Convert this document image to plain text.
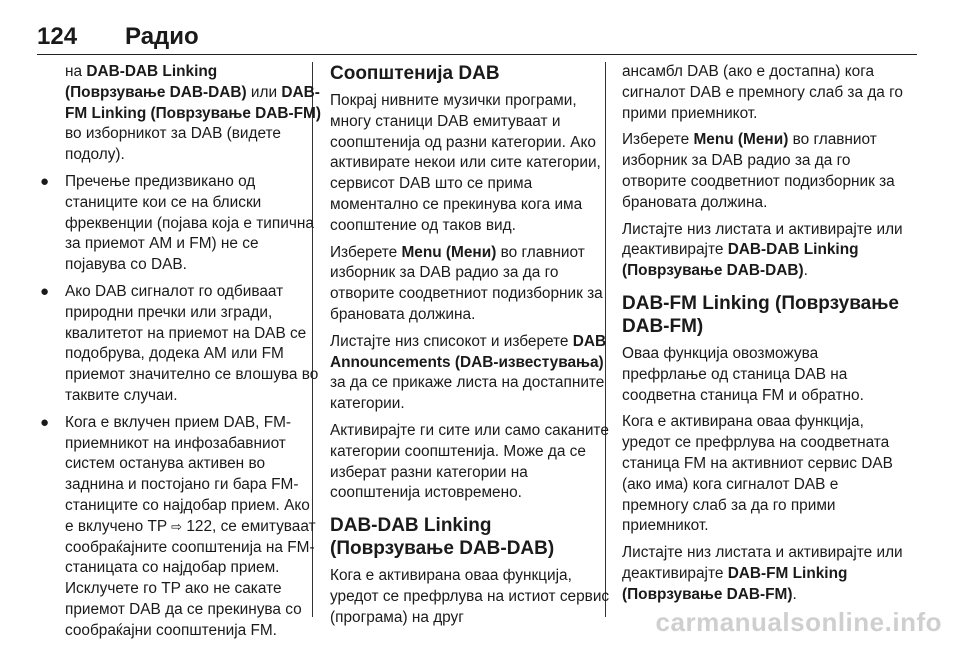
124 Радио

на DAB-DAB Linking (Поврзување DAB-DAB) или DAB-FM Linking (Поврзување DAB-FM) во изборникот за DAB (видете подолу).

● Пречење предизвикано од станиците кои се на блиски фреквенции (појава која е типична за приемот AM и FM) не се појавува со DAB.
● Ако DAB сигналот го одбиваат природни пречки или згради, квалитетот на приемот на DAB се подобрува, додека AM или FM приемот значително се влошува во таквите случаи.
● Кога е вклучен прием DAB, FM-приемникот на инфозабавниот систем останува активен во заднина и постојано ги бара FM-станиците со најдобар прием. Ако е вклучено TP ⇨ 122, се емитуваат сообраќајните соопштенија на FM-станицата со најдобар прием. Исклучете го TP ако не сакате приемот DAB да се прекинува со сообраќајни соопштенија FM.
Соопштенија DAB

Покрај нивните музички програми, многу станици DAB емитуваат и соопштенија од разни категории. Ако активирате некои или сите категории, сервисот DAB што се прима моментално се прекинува кога има соопштение од таков вид.

Изберете Menu (Мени) во главниот изборник за DAB радио за да го отворите соодветниот подизборник за брановата должина.

Листајте низ списокот и изберете DAB Announcements (DAB-известувања) за да се прикаже листа на достапните категории.

Активирајте ги сите или само саканите категории соопштенија. Може да се изберат разни категории на соопштенија истовремено.

DAB-DAB Linking (Поврзување DAB-DAB)

Кога е активирана оваа функција, уредот се префрлува на истиот сервис (програма) на друг

ансамбл DAB (ако е достапна) кога сигналот DAB е премногу слаб за да го прими приемникот.

Изберете Menu (Мени) во главниот изборник за DAB радио за да го отворите соодветниот подизборник за брановата должина.

Листајте низ листата и активирајте или деактивирајте DAB-DAB Linking (Поврзување DAB-DAB).

DAB-FM Linking (Поврзување DAB-FM)

Оваа функција овозможува префрлање од станица DAB на соодветна станица FM и обратно.

Кога е активирана оваа функција, уредот се префрлува на соодветната станица FM на активниот сервис DAB (ако има) кога сигналот DAB е премногу слаб за да го прими приемникот.

Листајте низ листата и активирајте или деактивирајте DAB-FM Linking (Поврзување DAB-FM).

carmanualsonline.info
